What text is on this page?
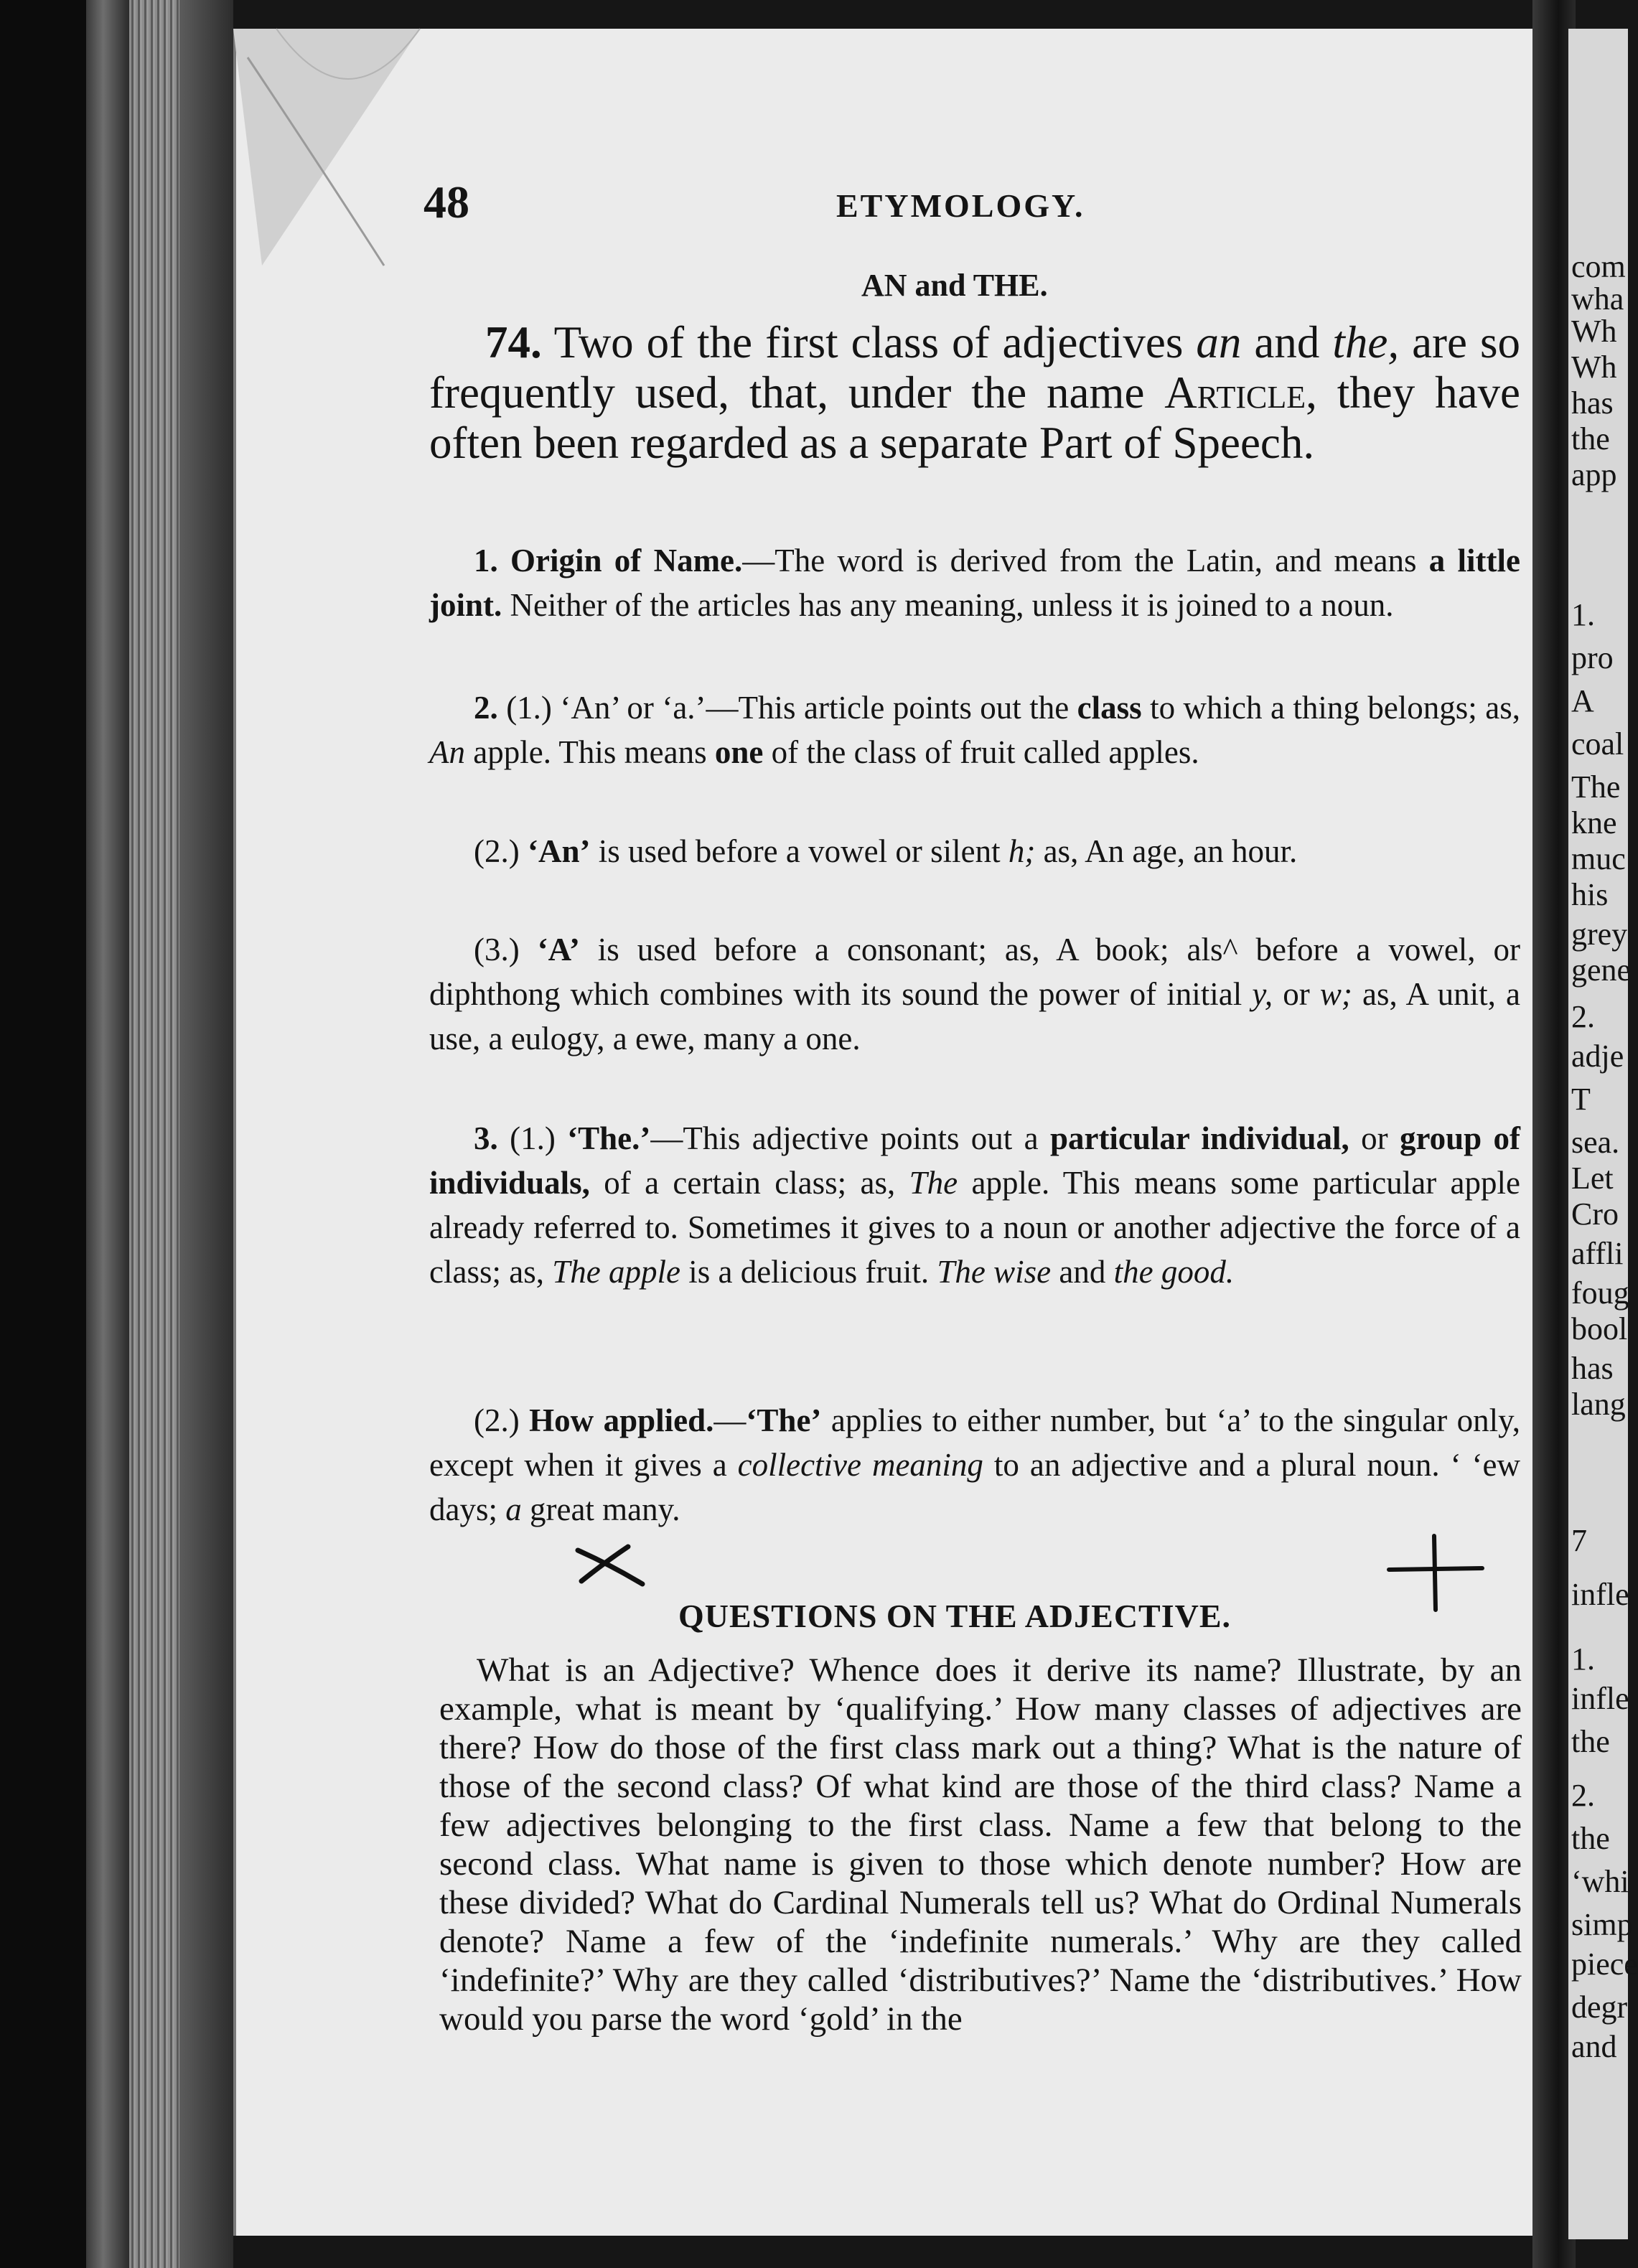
com
wha
Wh
Wh
has
the
app
1.
pro
A
coal
The
kne
muc
his
grey
gene
2.
adje
T
sea.
Let
Cro
affli
foug
bool
has
lang
7
infle
1.
infle
the
2.
the
‘whi
simp
piece
degr
and
48	ETYMOLOGY.
AN and THE.
74. Two of the first class of adjectives an and the, are so frequently used, that, under the name Article, they have often been regarded as a separate Part of Speech.
1. Origin of Name.—The word is derived from the Latin, and means a little joint. Neither of the articles has any meaning, unless it is joined to a noun.
2. (1.) ‘An’ or ‘a.’—This article points out the class to which a thing belongs; as, An apple. This means one of the class of fruit called apples.
(2.) ‘An’ is used before a vowel or silent h; as, An age, an hour.
(3.) ‘A’ is used before a consonant; as, A book; als^ before a vowel, or diphthong which combines with its sound the power of initial y, or w; as, A unit, a use, a eulogy, a ewe, many a one.
3. (1.) ‘The.’—This adjective points out a particular individual, or group of individuals, of a certain class; as, The apple. This means some particular apple already referred to. Sometimes it gives to a noun or another adjective the force of a class; as, The apple is a delicious fruit. The wise and the good.
(2.) How applied.—‘The’ applies to either number, but ‘a’ to the singular only, except when it gives a collective meaning to an adjective and a plural noun. ‘ ‘ew days; a great many.
QUESTIONS ON THE ADJECTIVE.
What is an Adjective? Whence does it derive its name? Illustrate, by an example, what is meant by ‘qualifying.’ How many classes of adjectives are there? How do those of the first class mark out a thing? What is the nature of those of the second class? Of what kind are those of the third class? Name a few adjectives belonging to the first class. Name a few that belong to the second class. What name is given to those which denote number? How are these divided? What do Cardinal Numerals tell us? What do Ordinal Numerals denote? Name a few of the ‘indefinite numerals.’ Why are they called ‘indefinite?’ Why are they called ‘distributives?’ Name the ‘distributives.’ How would you parse the word ‘gold’ in the
